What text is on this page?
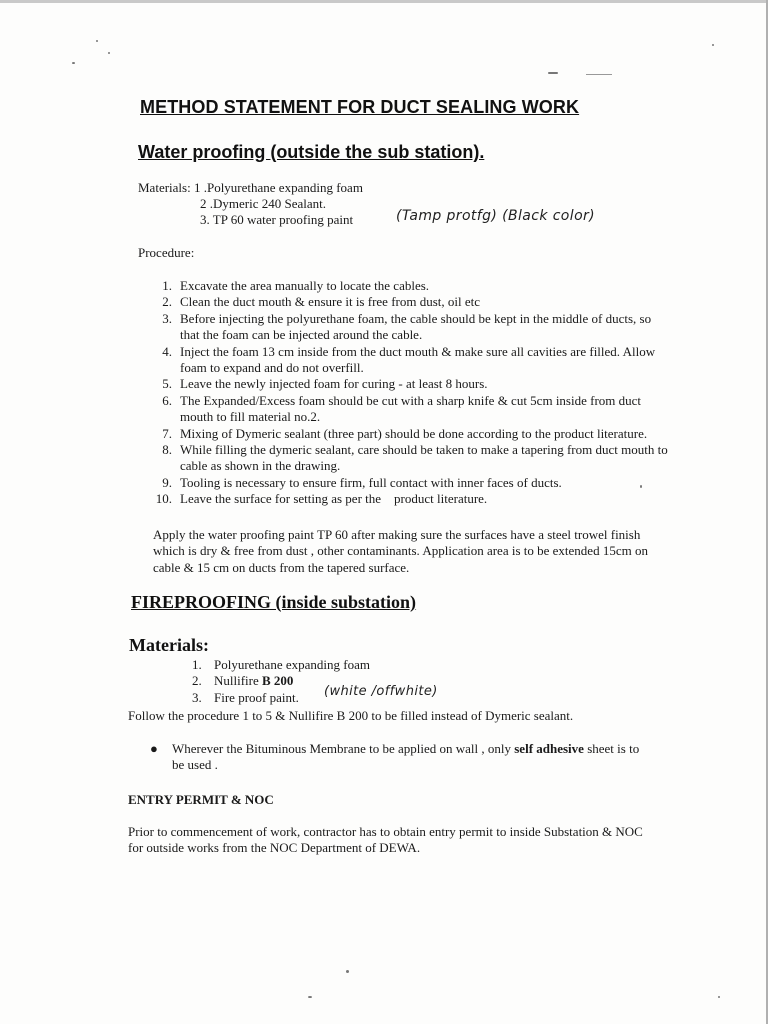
METHOD STATEMENT FOR DUCT SEALING WORK
Water proofing (outside the sub station).
Materials: 1 .Polyurethane expanding foam
2 .Dymeric 240 Sealant.
3. TP 60 water proofing paint	(Tamp protfg) (Black color)
Procedure:
1. Excavate the area manually to locate the cables.
2. Clean the duct mouth & ensure it is free from dust, oil etc
3. Before injecting the polyurethane foam, the cable should be kept in the middle of ducts, so that the foam can be injected around the cable.
4. Inject the foam 13 cm inside from the duct mouth & make sure all cavities are filled. Allow foam to expand and do not overfill.
5. Leave the newly injected foam for curing - at least 8 hours.
6. The Expanded/Excess foam should be cut with a sharp knife & cut 5cm inside from duct mouth to fill material no.2.
7. Mixing of Dymeric sealant (three part) should be done according to the product literature.
8. While filling the dymeric sealant, care should be taken to make a tapering from duct mouth to cable as shown in the drawing.
9. Tooling is necessary to ensure firm, full contact with inner faces of ducts.
10. Leave the surface for setting as per the    product literature.

Apply the water proofing paint TP 60 after making sure the surfaces have a steel trowel finish which is dry & free from dust , other contaminants. Application area is to be extended 15cm on cable & 15 cm on ducts from the tapered surface.

FIREPROOFING (inside substation)
Materials:
1. Polyurethane expanding foam
2. Nullifire B 200
3. Fire proof paint.	(white /offwhite)
Follow the procedure 1 to 5 & Nullifire B 200 to be filled instead of Dymeric sealant.
● Wherever the Bituminous Membrane to be applied on wall , only self adhesive sheet is to be used .

ENTRY PERMIT & NOC

Prior to commencement of work, contractor has to obtain entry permit to inside Substation & NOC for outside works from the NOC Department of DEWA.
